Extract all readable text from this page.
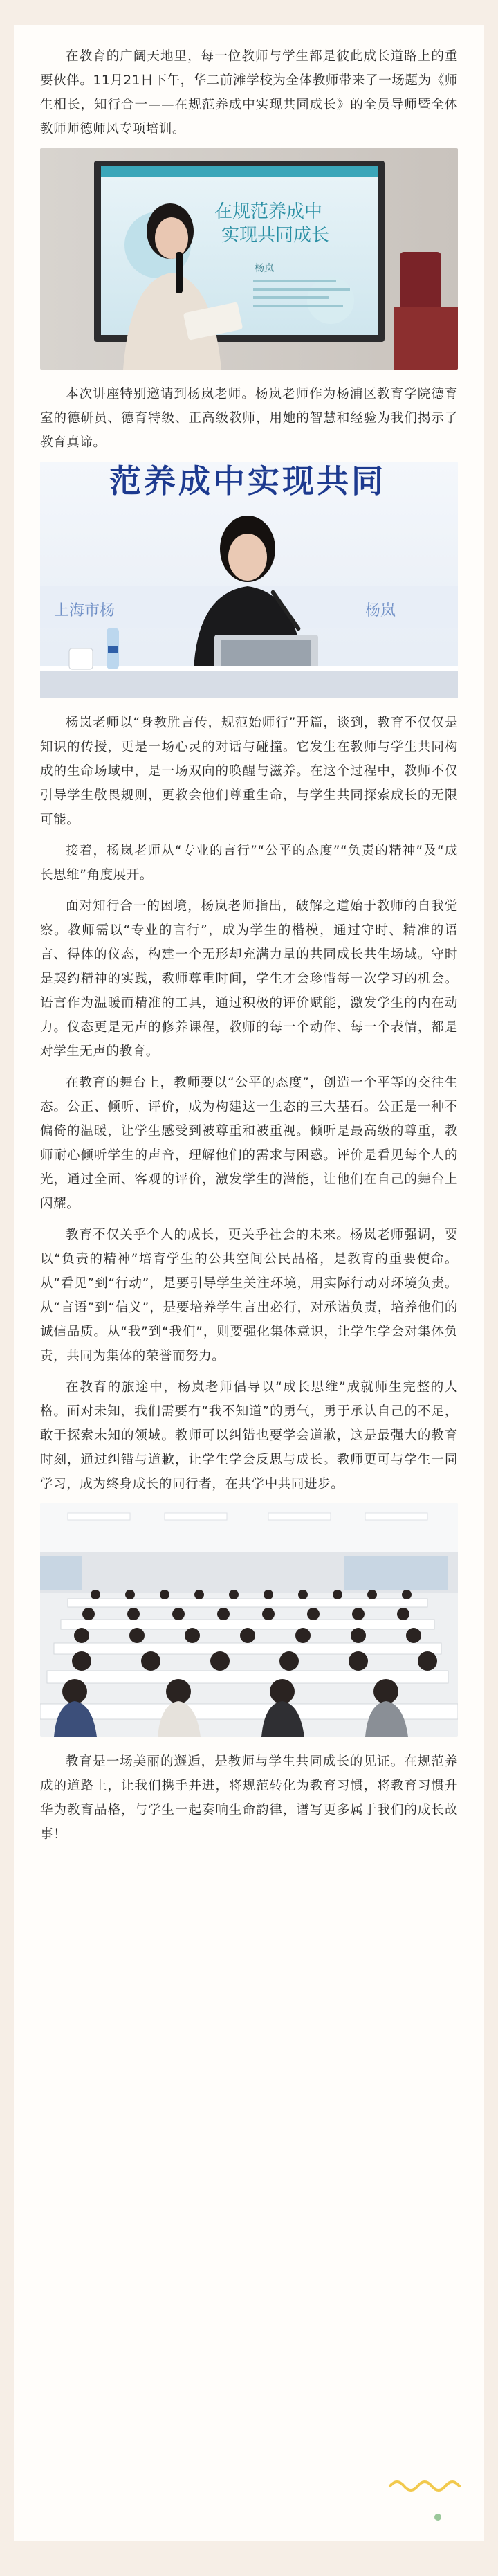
在教育的广阔天地里，每一位教师与学生都是彼此成长道路上的重要伙伴。11月21日下午，华二前滩学校为全体教师带来了一场题为《师生相长，知行合一——在规范养成中实现共同成长》的全员导师暨全体教师师德师风专项培训。

在规范养成中
实现共同成长
杨岚

本次讲座特别邀请到杨岚老师。杨岚老师作为杨浦区教育学院德育室的德研员、德育特级、正高级教师，用她的智慧和经验为我们揭示了教育真谛。

范养成中实现共同
上海市杨	杨岚

杨岚老师以“身教胜言传，规范始师行”开篇，谈到，教育不仅仅是知识的传授，更是一场心灵的对话与碰撞。它发生在教师与学生共同构成的生命场域中，是一场双向的唤醒与滋养。在这个过程中，教师不仅引导学生敬畏规则，更教会他们尊重生命，与学生共同探索成长的无限可能。

接着，杨岚老师从“专业的言行”“公平的态度”“负责的精神”及“成长思维”角度展开。

面对知行合一的困境，杨岚老师指出，破解之道始于教师的自我觉察。教师需以“专业的言行”，成为学生的楷模，通过守时、精准的语言、得体的仪态，构建一个无形却充满力量的共同成长共生场域。守时是契约精神的实践，教师尊重时间，学生才会珍惜每一次学习的机会。语言作为温暖而精准的工具，通过积极的评价赋能，激发学生的内在动力。仪态更是无声的修养课程，教师的每一个动作、每一个表情，都是对学生无声的教育。

在教育的舞台上，教师要以“公平的态度”，创造一个平等的交往生态。公正、倾听、评价，成为构建这一生态的三大基石。公正是一种不偏倚的温暖，让学生感受到被尊重和被重视。倾听是最高级的尊重，教师耐心倾听学生的声音，理解他们的需求与困惑。评价是看见每个人的光，通过全面、客观的评价，激发学生的潜能，让他们在自己的舞台上闪耀。

教育不仅关乎个人的成长，更关乎社会的未来。杨岚老师强调，要以“负责的精神”培育学生的公共空间公民品格，是教育的重要使命。从“看见”到“行动”，是要引导学生关注环境，用实际行动对环境负责。从“言语”到“信义”，是要培养学生言出必行，对承诺负责，培养他们的诚信品质。从“我”到“我们”，则要强化集体意识，让学生学会对集体负责，共同为集体的荣誉而努力。

在教育的旅途中，杨岚老师倡导以“成长思维”成就师生完整的人格。面对未知，我们需要有“我不知道”的勇气，勇于承认自己的不足，敢于探索未知的领域。教师可以纠错也要学会道歉，这是最强大的教育时刻，通过纠错与道歉，让学生学会反思与成长。教师更可与学生一同学习，成为终身成长的同行者，在共学中共同进步。

教育是一场美丽的邂逅，是教师与学生共同成长的见证。在规范养成的道路上，让我们携手并进，将规范转化为教育习惯，将教育习惯升华为教育品格，与学生一起奏响生命韵律，谱写更多属于我们的成长故事！
